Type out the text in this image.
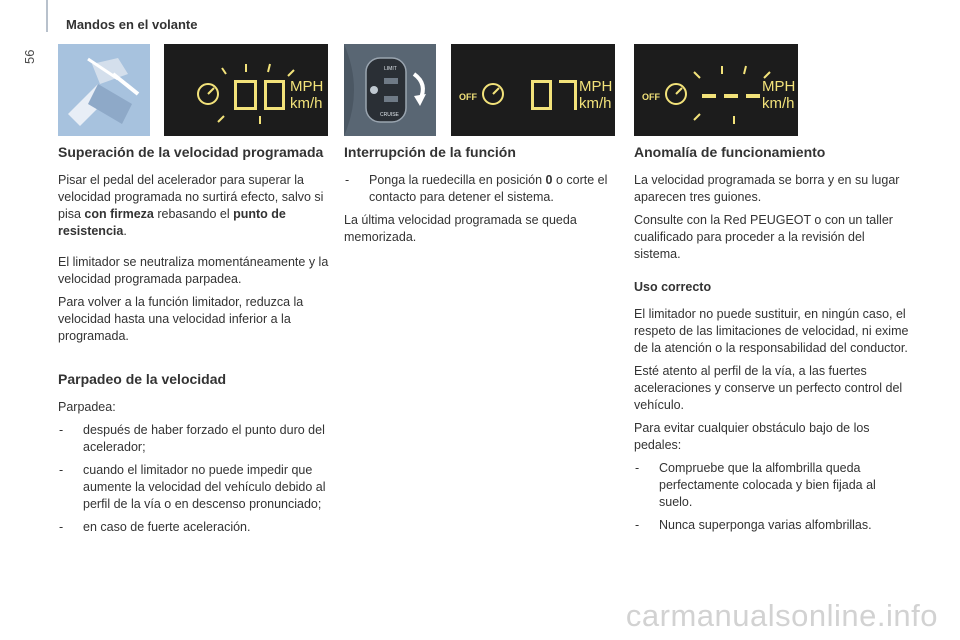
56
Mandos en el volante
MPH
km/h
LIMIT
CRUISE
OFF
MPH
km/h	OFF
MPH
km/h
Superación de la velocidad programada

Pisar el pedal del acelerador para superar la velocidad programada no surtirá efecto, salvo si pisa con firmeza rebasando el punto de resistencia.

El limitador se neutraliza momentáneamente y la velocidad programada parpadea.

Para volver a la función limitador, reduzca la velocidad hasta una velocidad inferior a la programada.

Parpadeo de la velocidad

Parpadea:

- después de haber forzado el punto duro del acelerador;
- cuando el limitador no puede impedir que aumente la velocidad del vehículo debido al perfil de la vía o en descenso pronunciado;
- en caso de fuerte aceleración.
Interrupción de la función
- Ponga la ruedecilla en posición 0 o corte el contacto para detener el sistema.

La última velocidad programada se queda memorizada.

Anomalía de funcionamiento

La velocidad programada se borra y en su lugar aparecen tres guiones.

Consulte con la Red PEUGEOT o con un taller cualificado para proceder a la revisión del sistema.

Uso correcto

El limitador no puede sustituir, en ningún caso, el respeto de las limitaciones de velocidad, ni exime de la atención o la responsabilidad del conductor.

Esté atento al perfil de la vía, a las fuertes aceleraciones y conserve un perfecto control del vehículo.

Para evitar cualquier obstáculo bajo de los pedales:

- Compruebe que la alfombrilla queda perfectamente colocada y bien fijada al suelo.
- Nunca superponga varias alfombrillas.
carmanualsonline.info
